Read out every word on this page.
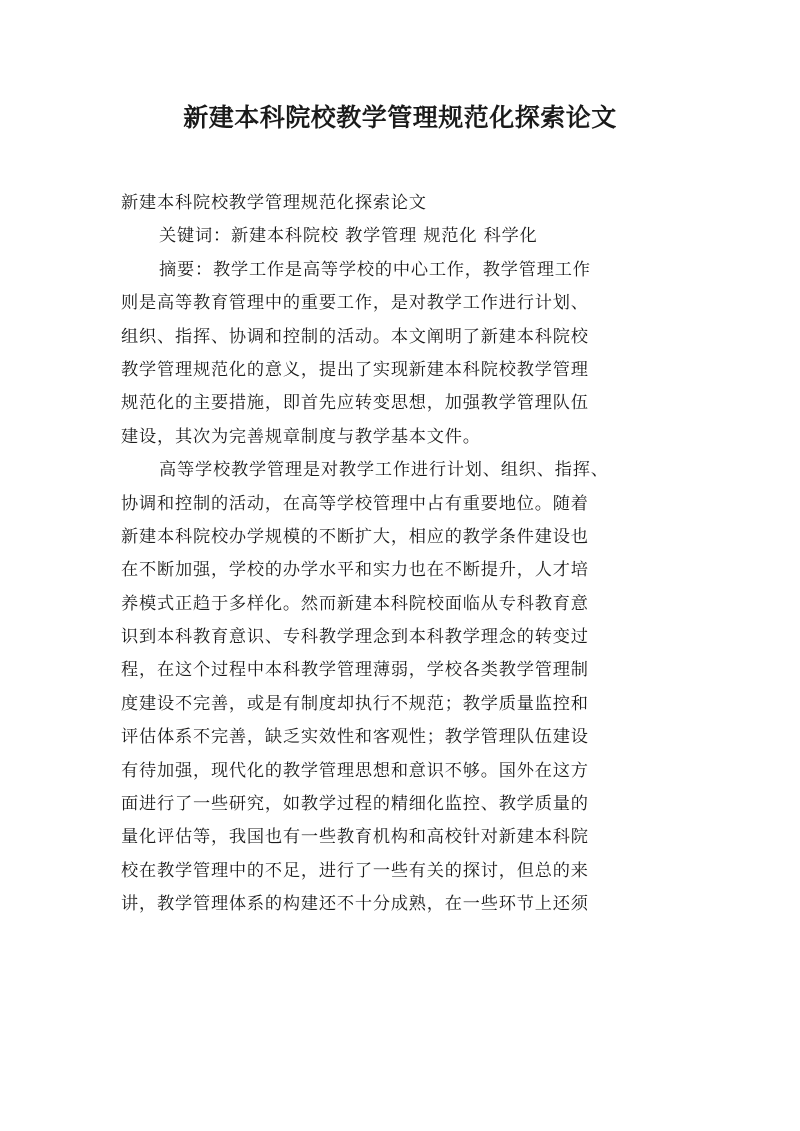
新建本科院校教学管理规范化探索论文

新建本科院校教学管理规范化探索论文

关键词：新建本科院校 教学管理 规范化 科学化

摘要：教学工作是高等学校的中心工作，教学管理工作

则是高等教育管理中的重要工作，是对教学工作进行计划、

组织、指挥、协调和控制的活动。本文阐明了新建本科院校

教学管理规范化的意义，提出了实现新建本科院校教学管理

规范化的主要措施，即首先应转变思想，加强教学管理队伍

建设，其次为完善规章制度与教学基本文件。

高等学校教学管理是对教学工作进行计划、组织、指挥、

协调和控制的活动，在高等学校管理中占有重要地位。随着

新建本科院校办学规模的不断扩大，相应的教学条件建设也

在不断加强，学校的办学水平和实力也在不断提升，人才培

养模式正趋于多样化。然而新建本科院校面临从专科教育意

识到本科教育意识、专科教学理念到本科教学理念的转变过

程，在这个过程中本科教学管理薄弱，学校各类教学管理制

度建设不完善，或是有制度却执行不规范；教学质量监控和

评估体系不完善，缺乏实效性和客观性；教学管理队伍建设

有待加强，现代化的教学管理思想和意识不够。国外在这方

面进行了一些研究，如教学过程的精细化监控、教学质量的

量化评估等，我国也有一些教育机构和高校针对新建本科院

校在教学管理中的不足，进行了一些有关的探讨，但总的来

讲，教学管理体系的构建还不十分成熟，在一些环节上还须
